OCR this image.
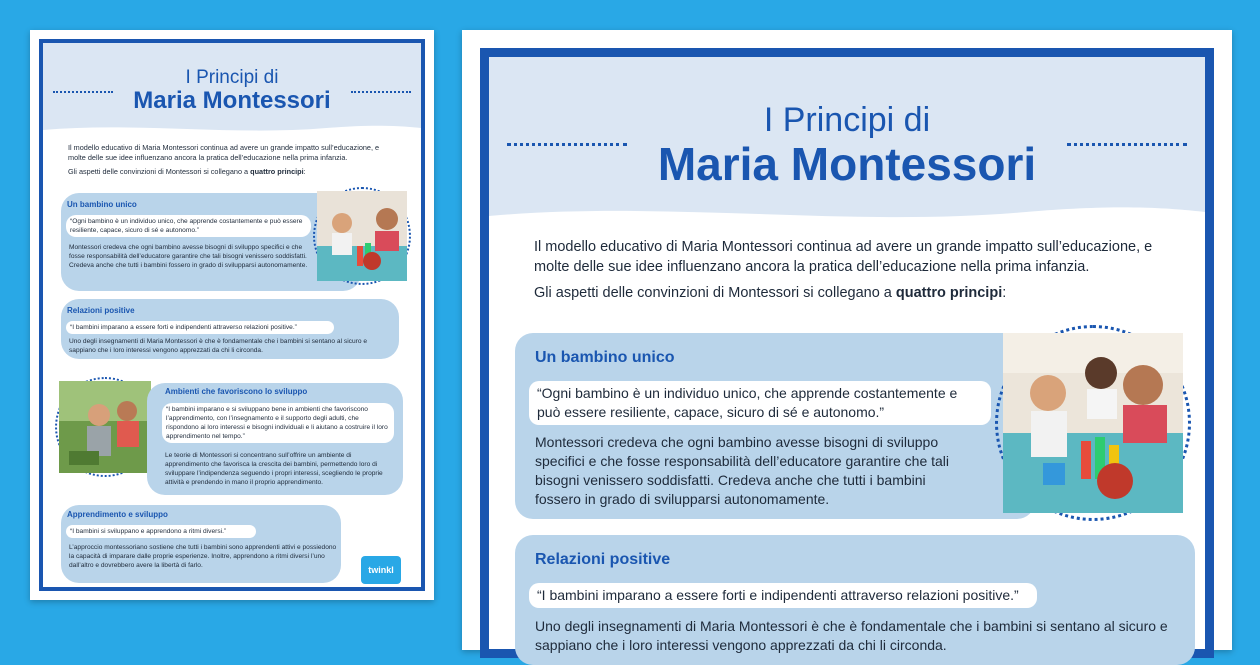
I Principi di
Maria Montessori
Il modello educativo di Maria Montessori continua ad avere un grande impatto sull’educazione, e molte delle sue idee influenzano ancora la pratica dell’educazione nella prima infanzia.
Gli aspetti delle convinzioni di Montessori si collegano a quattro principi:
Un bambino unico
“Ogni bambino è un individuo unico, che apprende costantemente e può essere resiliente, capace, sicuro di sé e autonomo.”
Montessori credeva che ogni bambino avesse bisogni di sviluppo specifici e che fosse responsabilità dell’educatore garantire che tali bisogni venissero soddisfatti. Credeva anche che tutti i bambini fossero in grado di svilupparsi autonomamente.
Relazioni positive
“I bambini imparano a essere forti e indipendenti attraverso relazioni positive.”
Uno degli insegnamenti di Maria Montessori è che è fondamentale che i bambini si sentano al sicuro e sappiano che i loro interessi vengono apprezzati da chi li circonda.
Ambienti che favoriscono lo sviluppo
“I bambini imparano e si sviluppano bene in ambienti che favoriscono l’apprendimento, con l’insegnamento e il supporto degli adulti, che rispondono ai loro interessi e bisogni individuali e li aiutano a costruire il loro apprendimento nel tempo.”
Le teorie di Montessori si concentrano sull’offrire un ambiente di apprendimento che favorisca la crescita dei bambini, permettendo loro di sviluppare l’indipendenza seguendo i propri interessi, scegliendo le proprie attività e prendendo in mano il proprio apprendimento.
Apprendimento e sviluppo
“I bambini si sviluppano e apprendono a ritmi diversi.”
L’approccio montessoriano sostiene che tutti i bambini sono apprendenti attivi e possiedono la capacità di imparare dalle proprie esperienze. Inoltre, apprendono a ritmi diversi l’uno dall’altro e dovrebbero avere la libertà di farlo.	twinkl
I Principi di
Maria Montessori
Il modello educativo di Maria Montessori continua ad avere un grande impatto sull’educazione, e molte delle sue idee influenzano ancora la pratica dell’educazione nella prima infanzia.
Gli aspetti delle convinzioni di Montessori si collegano a quattro principi:
Un bambino unico
“Ogni bambino è un individuo unico, che apprende costantemente e può essere resiliente, capace, sicuro di sé e autonomo.”
Montessori credeva che ogni bambino avesse bisogni di sviluppo specifici e che fosse responsabilità dell’educatore garantire che tali bisogni venissero soddisfatti. Credeva anche che tutti i bambini fossero in grado di svilupparsi autonomamente.
Relazioni positive
“I bambini imparano a essere forti e indipendenti attraverso relazioni positive.”
Uno degli insegnamenti di Maria Montessori è che è fondamentale che i bambini si sentano al sicuro e sappiano che i loro interessi vengono apprezzati da chi li circonda.
